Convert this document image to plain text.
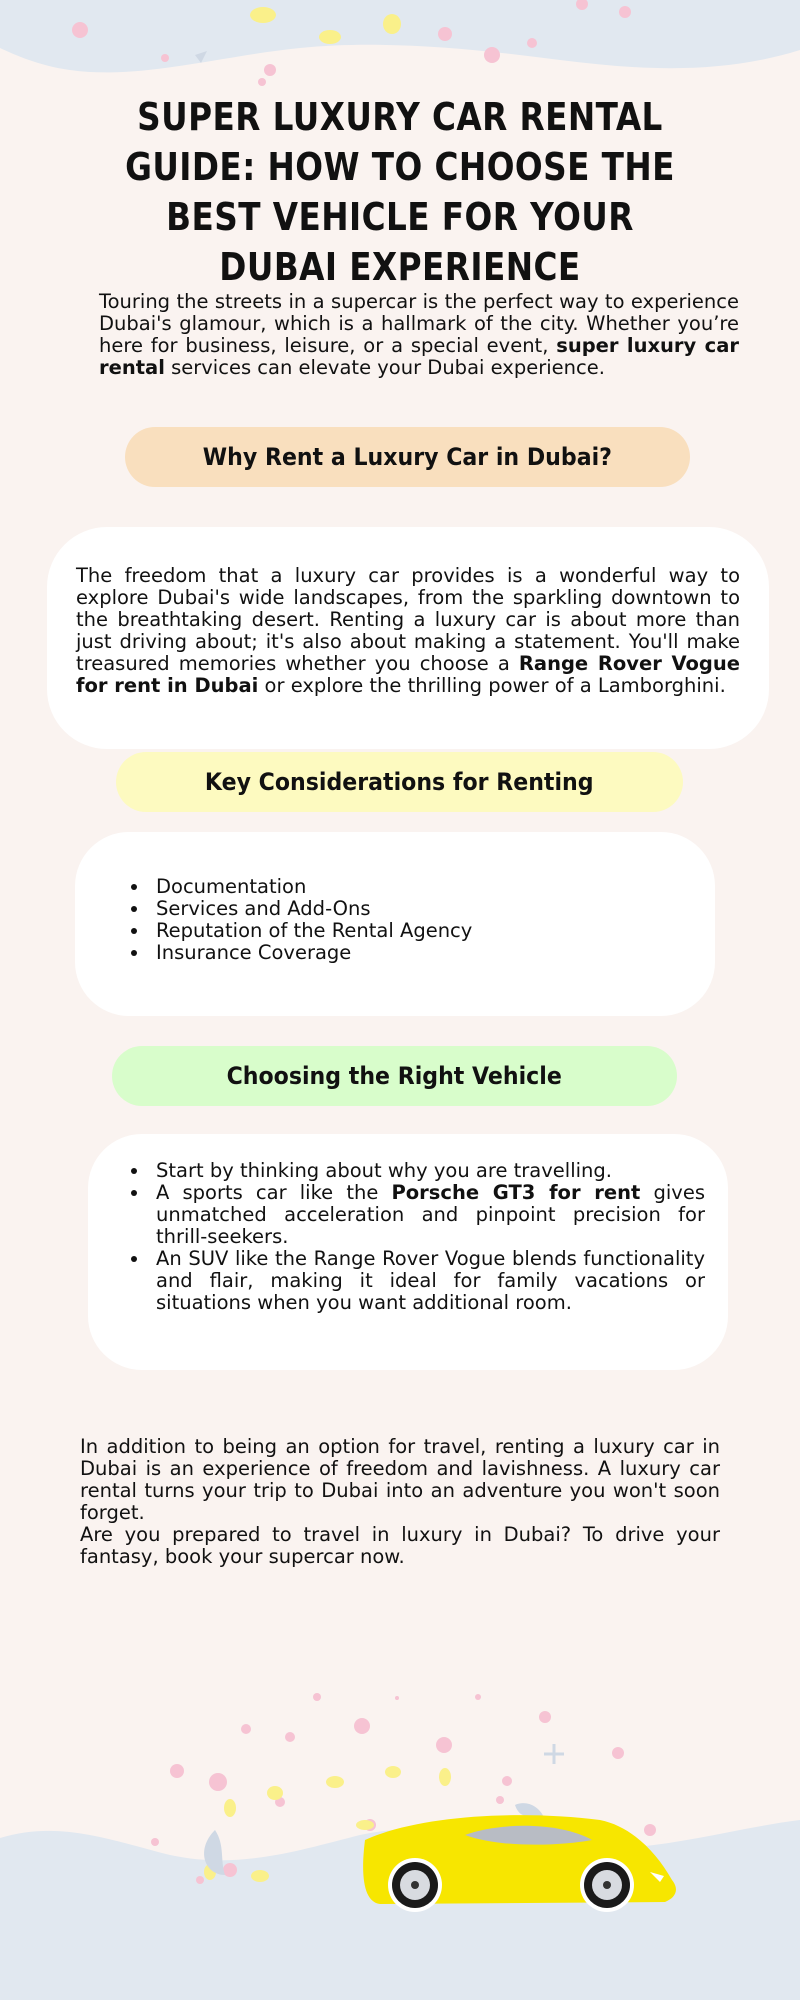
SUPER LUXURY CAR RENTAL GUIDE: HOW TO CHOOSE THE BEST VEHICLE FOR YOUR DUBAI EXPERIENCE

Touring the streets in a supercar is the perfect way to experience Dubai's glamour, which is a hallmark of the city. Whether you’re here for business, leisure, or a special event, super luxury car rental services can elevate your Dubai experience.

Why Rent a Luxury Car in Dubai?

The freedom that a luxury car provides is a wonderful way to explore Dubai's wide landscapes, from the sparkling downtown to the breathtaking desert. Renting a luxury car is about more than just driving about; it's also about making a statement. You'll make treasured memories whether you choose a Range Rover Vogue for rent in Dubai or explore the thrilling power of a Lamborghini.

Key Considerations for Renting
• Documentation
• Services and Add-Ons
• Reputation of the Rental Agency
• Insurance Coverage
Choosing the Right Vehicle
• Start by thinking about why you are travelling.
• A sports car like the Porsche GT3 for rent gives unmatched acceleration and pinpoint precision for thrill-seekers.
• An SUV like the Range Rover Vogue blends functionality and flair, making it ideal for family vacations or situations when you want additional room.

In addition to being an option for travel, renting a luxury car in Dubai is an experience of freedom and lavishness. A luxury car rental turns your trip to Dubai into an adventure you won't soon forget.

Are you prepared to travel in luxury in Dubai? To drive your fantasy, book your supercar now.
